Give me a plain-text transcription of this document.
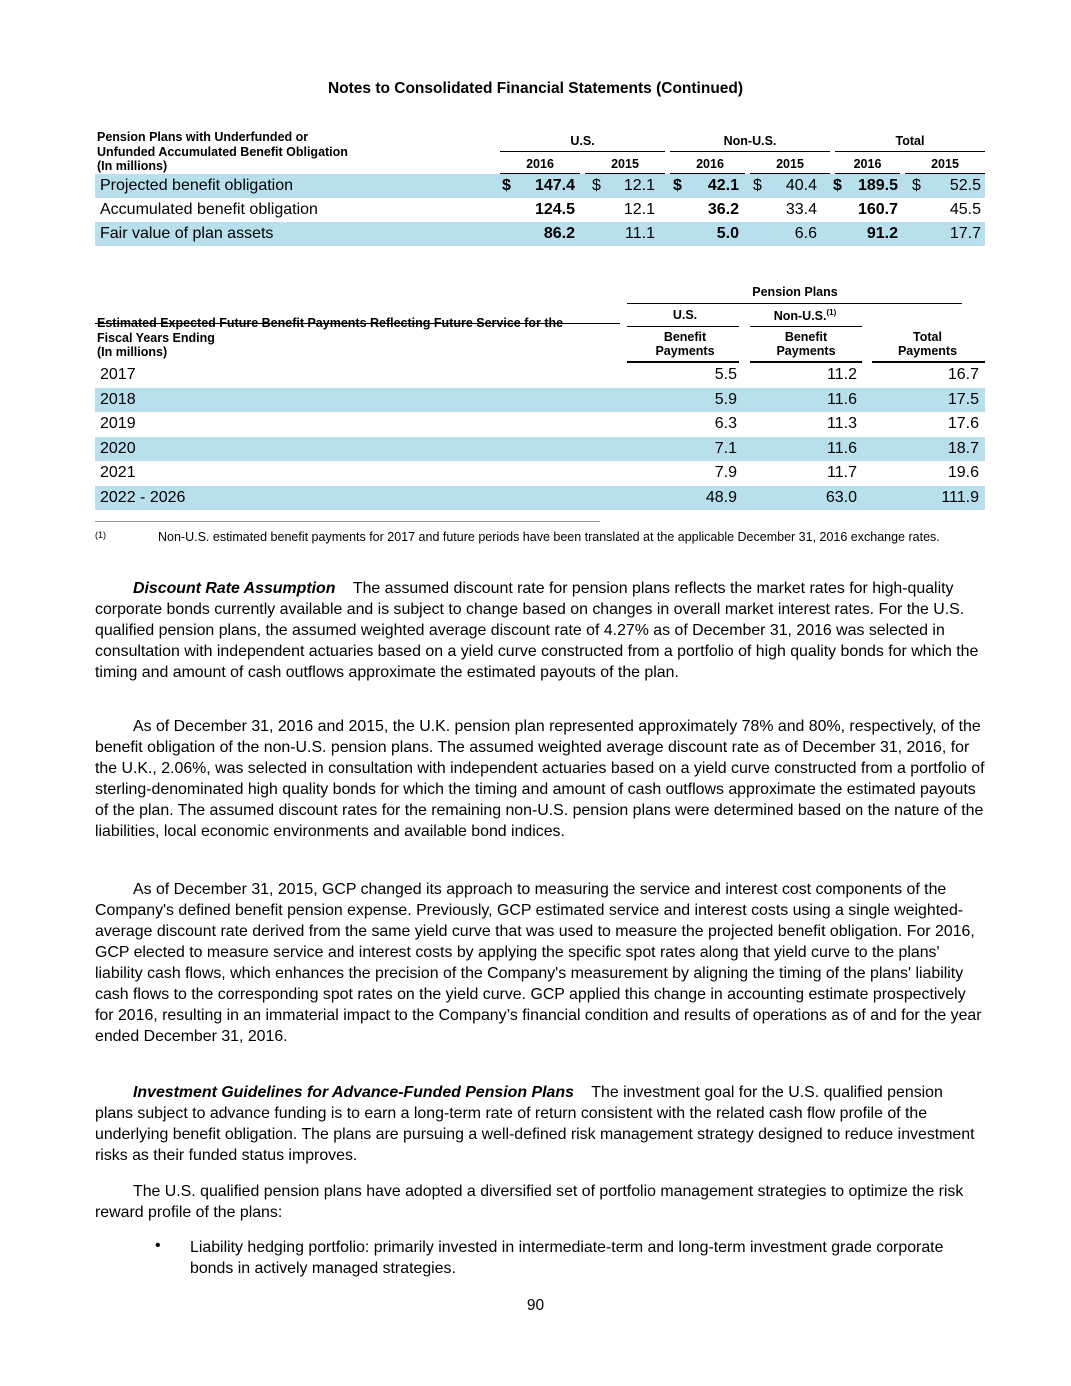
Notes to Consolidated Financial Statements (Continued)
Pension Plans with Underfunded or
Unfunded Accumulated Benefit Obligation
(In millions)
U.S.	Non-U.S.	Total
2016	2015	2016	2015	2016	2015
Projected benefit obligation	$ 147.4 $ 12.1 $ 42.1 $ 40.4 $ 189.5 $ 52.5
Accumulated benefit obligation	124.5	12.1	36.2	33.4	160.7	45.5
Fair value of plan assets	86.2	11.1	5.0	6.6	91.2	17.7
Estimated Expected Future Benefit Payments Reflecting Future Service for the
Fiscal Years Ending
(In millions)
Pension Plans
U.S.	Non-U.S.$^{(1)}$
Benefit
Payments
Benefit
Payments
Total
Payments
2017	5.5	11.2	16.7
2018	5.9	11.6	17.5
2019	6.3	11.3	17.6
2020	7.1	11.6	18.7
2021	7.9	11.7	19.6
2022 - 2026	48.9	63.0	111.9
(1)	Non-U.S. estimated benefit payments for 2017 and future periods have been translated at the applicable December 31, 2016 exchange rates.

Discount Rate Assumption The assumed discount rate for pension plans reflects the market rates for high-quality corporate bonds currently available and is subject to change based on changes in overall market interest rates. For the U.S. qualified pension plans, the assumed weighted average discount rate of 4.27% as of December 31, 2016 was selected in consultation with independent actuaries based on a yield curve constructed from a portfolio of high quality bonds for which the timing and amount of cash outflows approximate the estimated payouts of the plan.

As of December 31, 2016 and 2015, the U.K. pension plan represented approximately 78% and 80%, respectively, of the benefit obligation of the non-U.S. pension plans. The assumed weighted average discount rate as of December 31, 2016, for the U.K., 2.06%, was selected in consultation with independent actuaries based on a yield curve constructed from a portfolio of sterling-denominated high quality bonds for which the timing and amount of cash outflows approximate the estimated payouts of the plan. The assumed discount rates for the remaining non-U.S. pension plans were determined based on the nature of the liabilities, local economic environments and available bond indices.

As of December 31, 2015, GCP changed its approach to measuring the service and interest cost components of the Company's defined benefit pension expense. Previously, GCP estimated service and interest costs using a single weighted-average discount rate derived from the same yield curve that was used to measure the projected benefit obligation. For 2016, GCP elected to measure service and interest costs by applying the specific spot rates along that yield curve to the plans' liability cash flows, which enhances the precision of the Company's measurement by aligning the timing of the plans' liability cash flows to the corresponding spot rates on the yield curve. GCP applied this change in accounting estimate prospectively for 2016, resulting in an immaterial impact to the Company’s financial condition and results of operations as of and for the year ended December 31, 2016.

Investment Guidelines for Advance-Funded Pension Plans The investment goal for the U.S. qualified pension plans subject to advance funding is to earn a long-term rate of return consistent with the related cash flow profile of the underlying benefit obligation. The plans are pursuing a well-defined risk management strategy designed to reduce investment risks as their funded status improves.

The U.S. qualified pension plans have adopted a diversified set of portfolio management strategies to optimize the risk reward profile of the plans:

• Liability hedging portfolio: primarily invested in intermediate-term and long-term investment grade corporate bonds in actively managed strategies.
90
